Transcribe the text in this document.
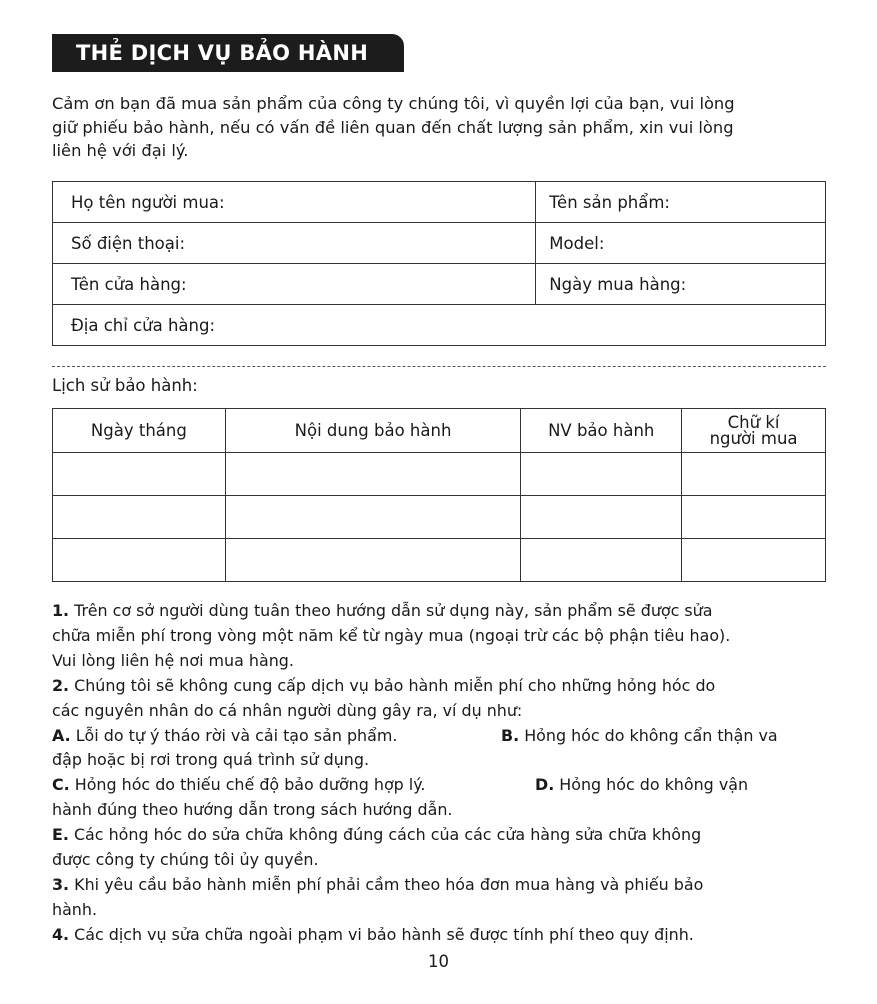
THẺ DỊCH VỤ BẢO HÀNH

Cảm ơn bạn đã mua sản phẩm của công ty chúng tôi, vì quyền lợi của bạn, vui lòng
giữ phiếu bảo hành, nếu có vấn đề liên quan đến chất lượng sản phẩm, xin vui lòng
liên hệ với đại lý.

Họ tên người mua:	Tên sản phẩm:
Số điện thoại:	Model:
Tên cửa hàng:	Ngày mua hàng:
Địa chỉ cửa hàng:	
Lịch sử bảo hành:
Ngày tháng	Nội dung bảo hành	NV bảo hành	Chữ kí
người mua

1. Trên cơ sở người dùng tuân theo hướng dẫn sử dụng này, sản phẩm sẽ được sửa

chữa miễn phí trong vòng một năm kể từ ngày mua (ngoại trừ các bộ phận tiêu hao).

Vui lòng liên hệ nơi mua hàng.

2. Chúng tôi sẽ không cung cấp dịch vụ bảo hành miễn phí cho những hỏng hóc do

các nguyên nhân do cá nhân người dùng gây ra, ví dụ như:

A. Lỗi do tự ý tháo rời và cải tạo sản phẩm.	B. Hỏng hóc do không cẩn thận va

đập hoặc bị rơi trong quá trình sử dụng.

C. Hỏng hóc do thiếu chế độ bảo dưỡng hợp lý.	D. Hỏng hóc do không vận

hành đúng theo hướng dẫn trong sách hướng dẫn.

E. Các hỏng hóc do sửa chữa không đúng cách của các cửa hàng sửa chữa không

được công ty chúng tôi ủy quyền.

3. Khi yêu cầu bảo hành miễn phí phải cầm theo hóa đơn mua hàng và phiếu bảo

hành.

4. Các dịch vụ sửa chữa ngoài phạm vi bảo hành sẽ được tính phí theo quy định.

10
